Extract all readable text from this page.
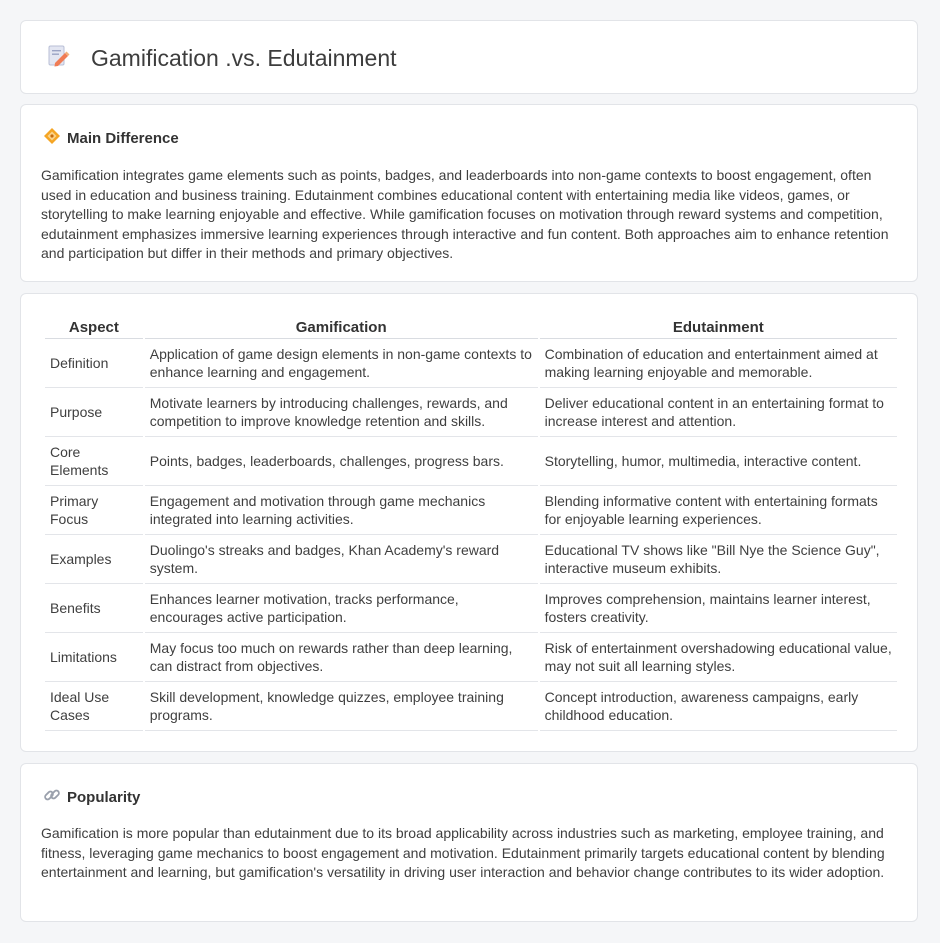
Gamification .vs. Edutainment
Main Difference

Gamification integrates game elements such as points, badges, and leaderboards into non-game contexts to boost engagement, often used in education and business training. Edutainment combines educational content with entertaining media like videos, games, or storytelling to make learning enjoyable and effective. While gamification focuses on motivation through reward systems and competition, edutainment emphasizes immersive learning experiences through interactive and fun content. Both approaches aim to enhance retention and participation but differ in their methods and primary objectives.

Aspect	Gamification	Edutainment
Definition	Application of game design elements in non-game contexts to enhance learning and engagement.	Combination of education and entertainment aimed at making learning enjoyable and memorable.
Purpose	Motivate learners by introducing challenges, rewards, and competition to improve knowledge retention and skills.	Deliver educational content in an entertaining format to increase interest and attention.
Core Elements	Points, badges, leaderboards, challenges, progress bars.	Storytelling, humor, multimedia, interactive content.
Primary Focus	Engagement and motivation through game mechanics integrated into learning activities.	Blending informative content with entertaining formats for enjoyable learning experiences.
Examples	Duolingo's streaks and badges, Khan Academy's reward system.	Educational TV shows like "Bill Nye the Science Guy", interactive museum exhibits.
Benefits	Enhances learner motivation, tracks performance, encourages active participation.	Improves comprehension, maintains learner interest, fosters creativity.
Limitations	May focus too much on rewards rather than deep learning, can distract from objectives.	Risk of entertainment overshadowing educational value, may not suit all learning styles.
Ideal Use Cases	Skill development, knowledge quizzes, employee training programs.	Concept introduction, awareness campaigns, early childhood education.
Popularity

Gamification is more popular than edutainment due to its broad applicability across industries such as marketing, employee training, and fitness, leveraging game mechanics to boost engagement and motivation. Edutainment primarily targets educational content by blending entertainment and learning, but gamification's versatility in driving user interaction and behavior change contributes to its wider adoption.
